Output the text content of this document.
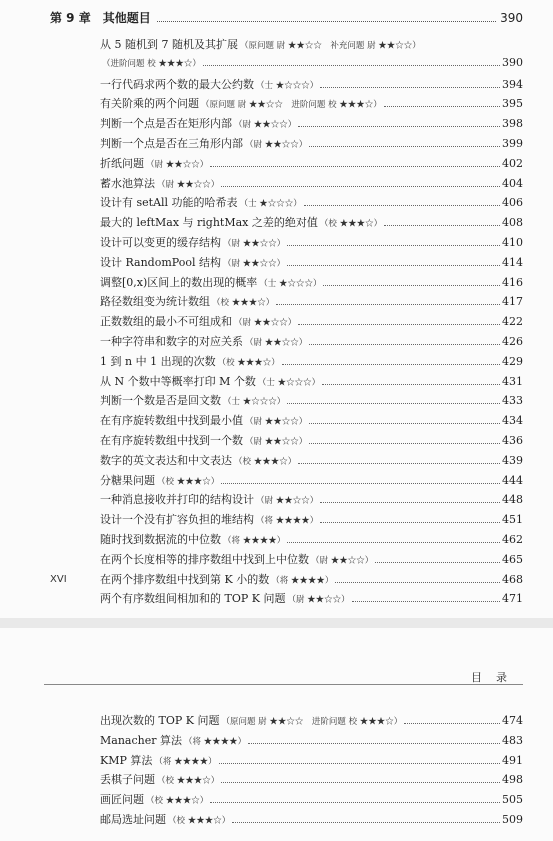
第 9 章 其他题目	390
从 5 随机到 7 随机及其扩展 （原问题 尉 ★★☆☆　补充问题 尉 ★★☆☆）
（进阶问题 校 ★★★☆）	390
一行代码求两个数的最大公约数 （士 ★☆☆☆）	394
有关阶乘的两个问题 （原问题 尉 ★★☆☆　进阶问题 校 ★★★☆）	395
判断一个点是否在矩形内部 （尉 ★★☆☆）	398
判断一个点是否在三角形内部 （尉 ★★☆☆）	399
折纸问题 （尉 ★★☆☆）	402
蓄水池算法 （尉 ★★☆☆）	404
设计有 setAll 功能的哈希表 （士 ★☆☆☆）	406
最大的 leftMax 与 rightMax 之差的绝对值 （校 ★★★☆）	408
设计可以变更的缓存结构 （尉 ★★☆☆）	410
设计 RandomPool 结构 （尉 ★★☆☆）	414
调整[0,x)区间上的数出现的概率 （士 ★☆☆☆）	416
路径数组变为统计数组 （校 ★★★☆）	417
正数数组的最小不可组成和 （尉 ★★☆☆）	422
一种字符串和数字的对应关系 （尉 ★★☆☆）	426
1 到 n 中 1 出现的次数 （校 ★★★☆）	429
从 N 个数中等概率打印 M 个数 （士 ★☆☆☆）	431
判断一个数是否是回文数 （士 ★☆☆☆）	433
在有序旋转数组中找到最小值 （尉 ★★☆☆）	434
在有序旋转数组中找到一个数 （尉 ★★☆☆）	436
数字的英文表达和中文表达 （校 ★★★☆）	439
分糖果问题 （校 ★★★☆）	444
一种消息接收并打印的结构设计 （尉 ★★☆☆）	448
设计一个没有扩容负担的堆结构 （将 ★★★★）	451
随时找到数据流的中位数 （将 ★★★★）	462
在两个长度相等的排序数组中找到上中位数 （尉 ★★☆☆）	465
在两个排序数组中找到第 K 小的数 （将 ★★★★）	468
两个有序数组间相加和的 TOP K 问题 （尉 ★★☆☆）	471
XVI
目录
出现次数的 TOP K 问题 （原问题 尉 ★★☆☆　进阶问题 校 ★★★☆）	474
Manacher 算法 （将 ★★★★）	483
KMP 算法 （将 ★★★★）	491
丢棋子问题 （校 ★★★☆）	498
画匠问题 （校 ★★★☆）	505
邮局选址问题 （校 ★★★☆）	509
